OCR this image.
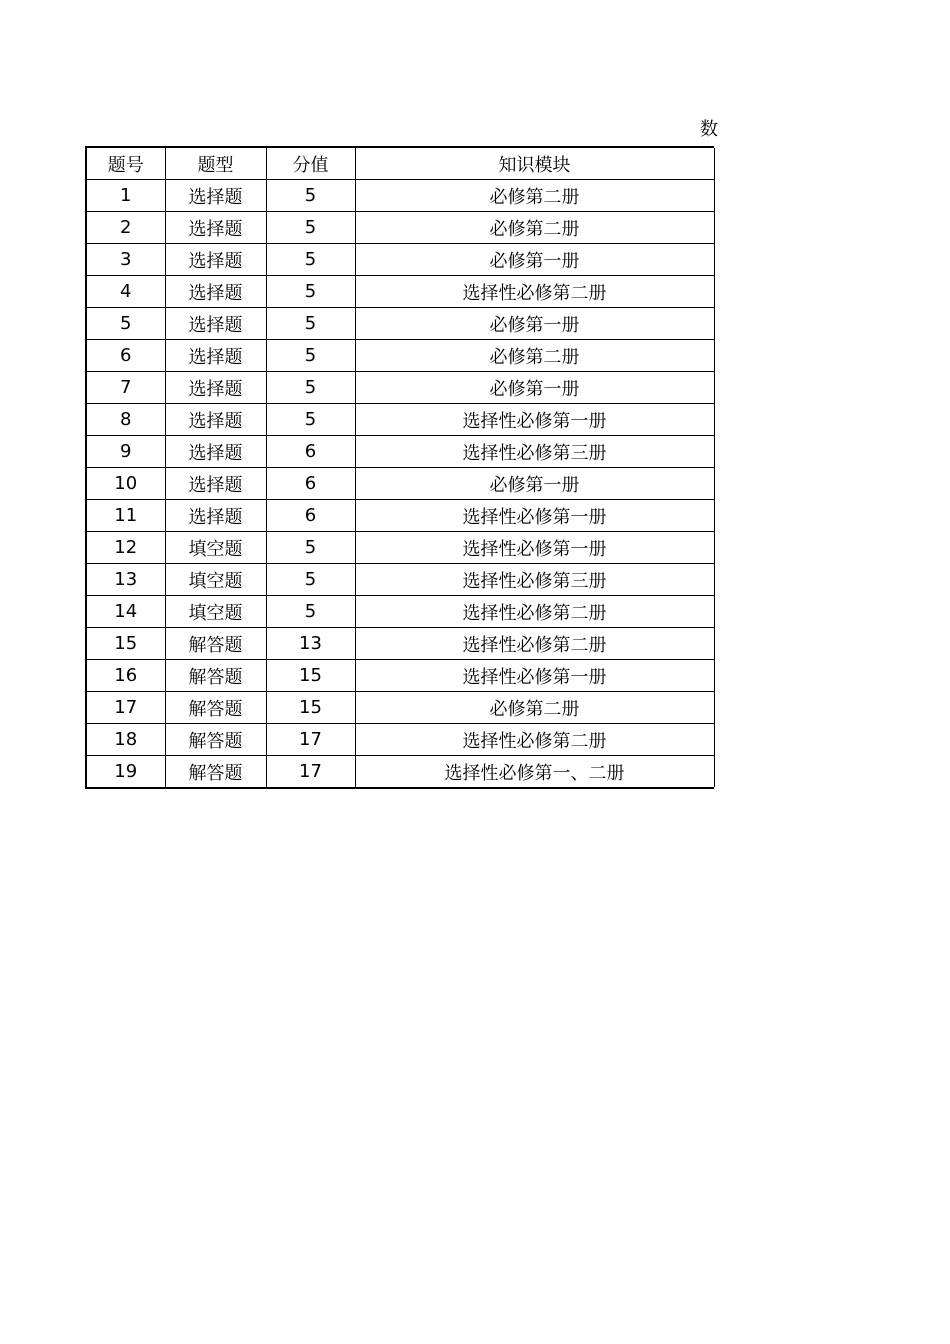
数
题号	题型	分值	知识模块
1	选择题	5	必修第二册
2	选择题	5	必修第二册
3	选择题	5	必修第一册
4	选择题	5	选择性必修第二册
5	选择题	5	必修第一册
6	选择题	5	必修第二册
7	选择题	5	必修第一册
8	选择题	5	选择性必修第一册
9	选择题	6	选择性必修第三册
10	选择题	6	必修第一册
11	选择题	6	选择性必修第一册
12	填空题	5	选择性必修第一册
13	填空题	5	选择性必修第三册
14	填空题	5	选择性必修第二册
15	解答题	13	选择性必修第二册
16	解答题	15	选择性必修第一册
17	解答题	15	必修第二册
18	解答题	17	选择性必修第二册
19	解答题	17	选择性必修第一、二册
